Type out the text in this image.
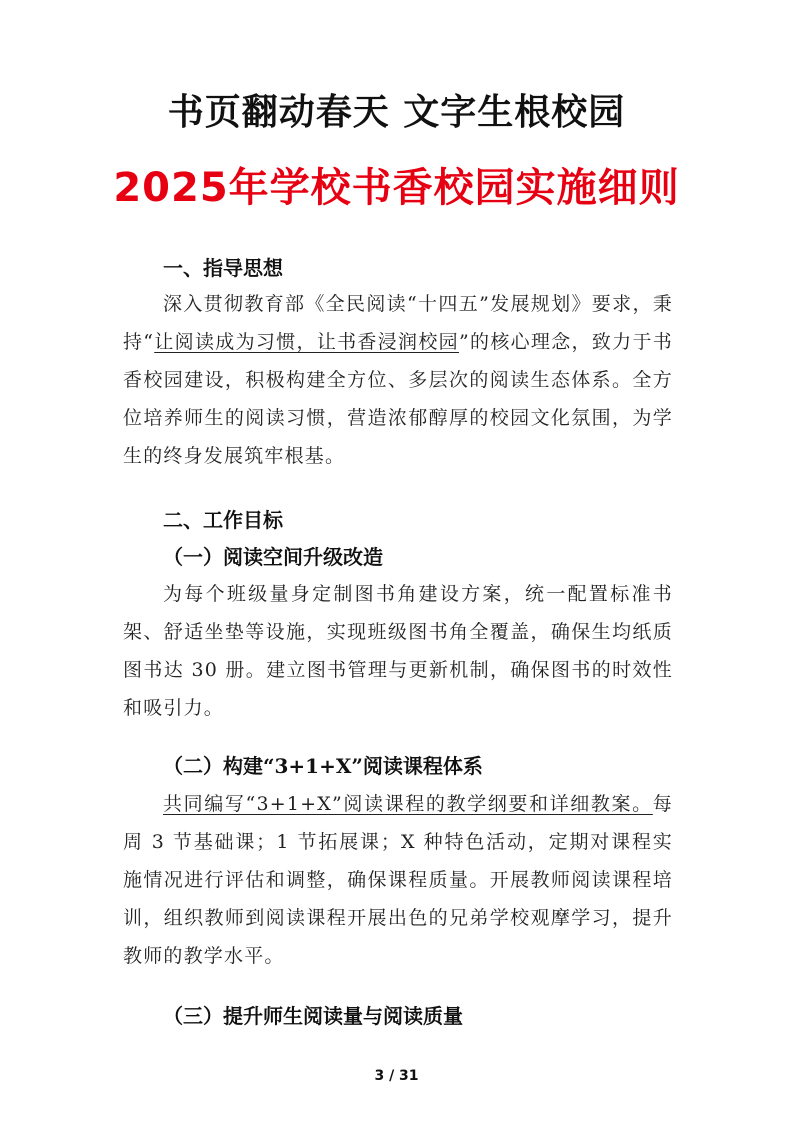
书页翻动春天 文字生根校园
2025年学校书香校园实施细则
一、指导思想
深入贯彻教育部《全民阅读“十四五”发展规划》要求，秉持“让阅读成为习惯，让书香浸润校园”的核心理念，致力于书香校园建设，积极构建全方位、多层次的阅读生态体系。全方位培养师生的阅读习惯，营造浓郁醇厚的校园文化氛围，为学生的终身发展筑牢根基。
二、工作目标
（一）阅读空间升级改造
为每个班级量身定制图书角建设方案，统一配置标准书架、舒适坐垫等设施，实现班级图书角全覆盖，确保生均纸质图书达 30 册。建立图书管理与更新机制，确保图书的时效性和吸引力。
（二）构建“3+1+X”阅读课程体系
共同编写“3+1+X”阅读课程的教学纲要和详细教案。每周 3 节基础课；1 节拓展课；X 种特色活动，定期对课程实施情况进行评估和调整，确保课程质量。开展教师阅读课程培训，组织教师到阅读课程开展出色的兄弟学校观摩学习，提升教师的教学水平。
（三）提升师生阅读量与阅读质量
3 / 31
